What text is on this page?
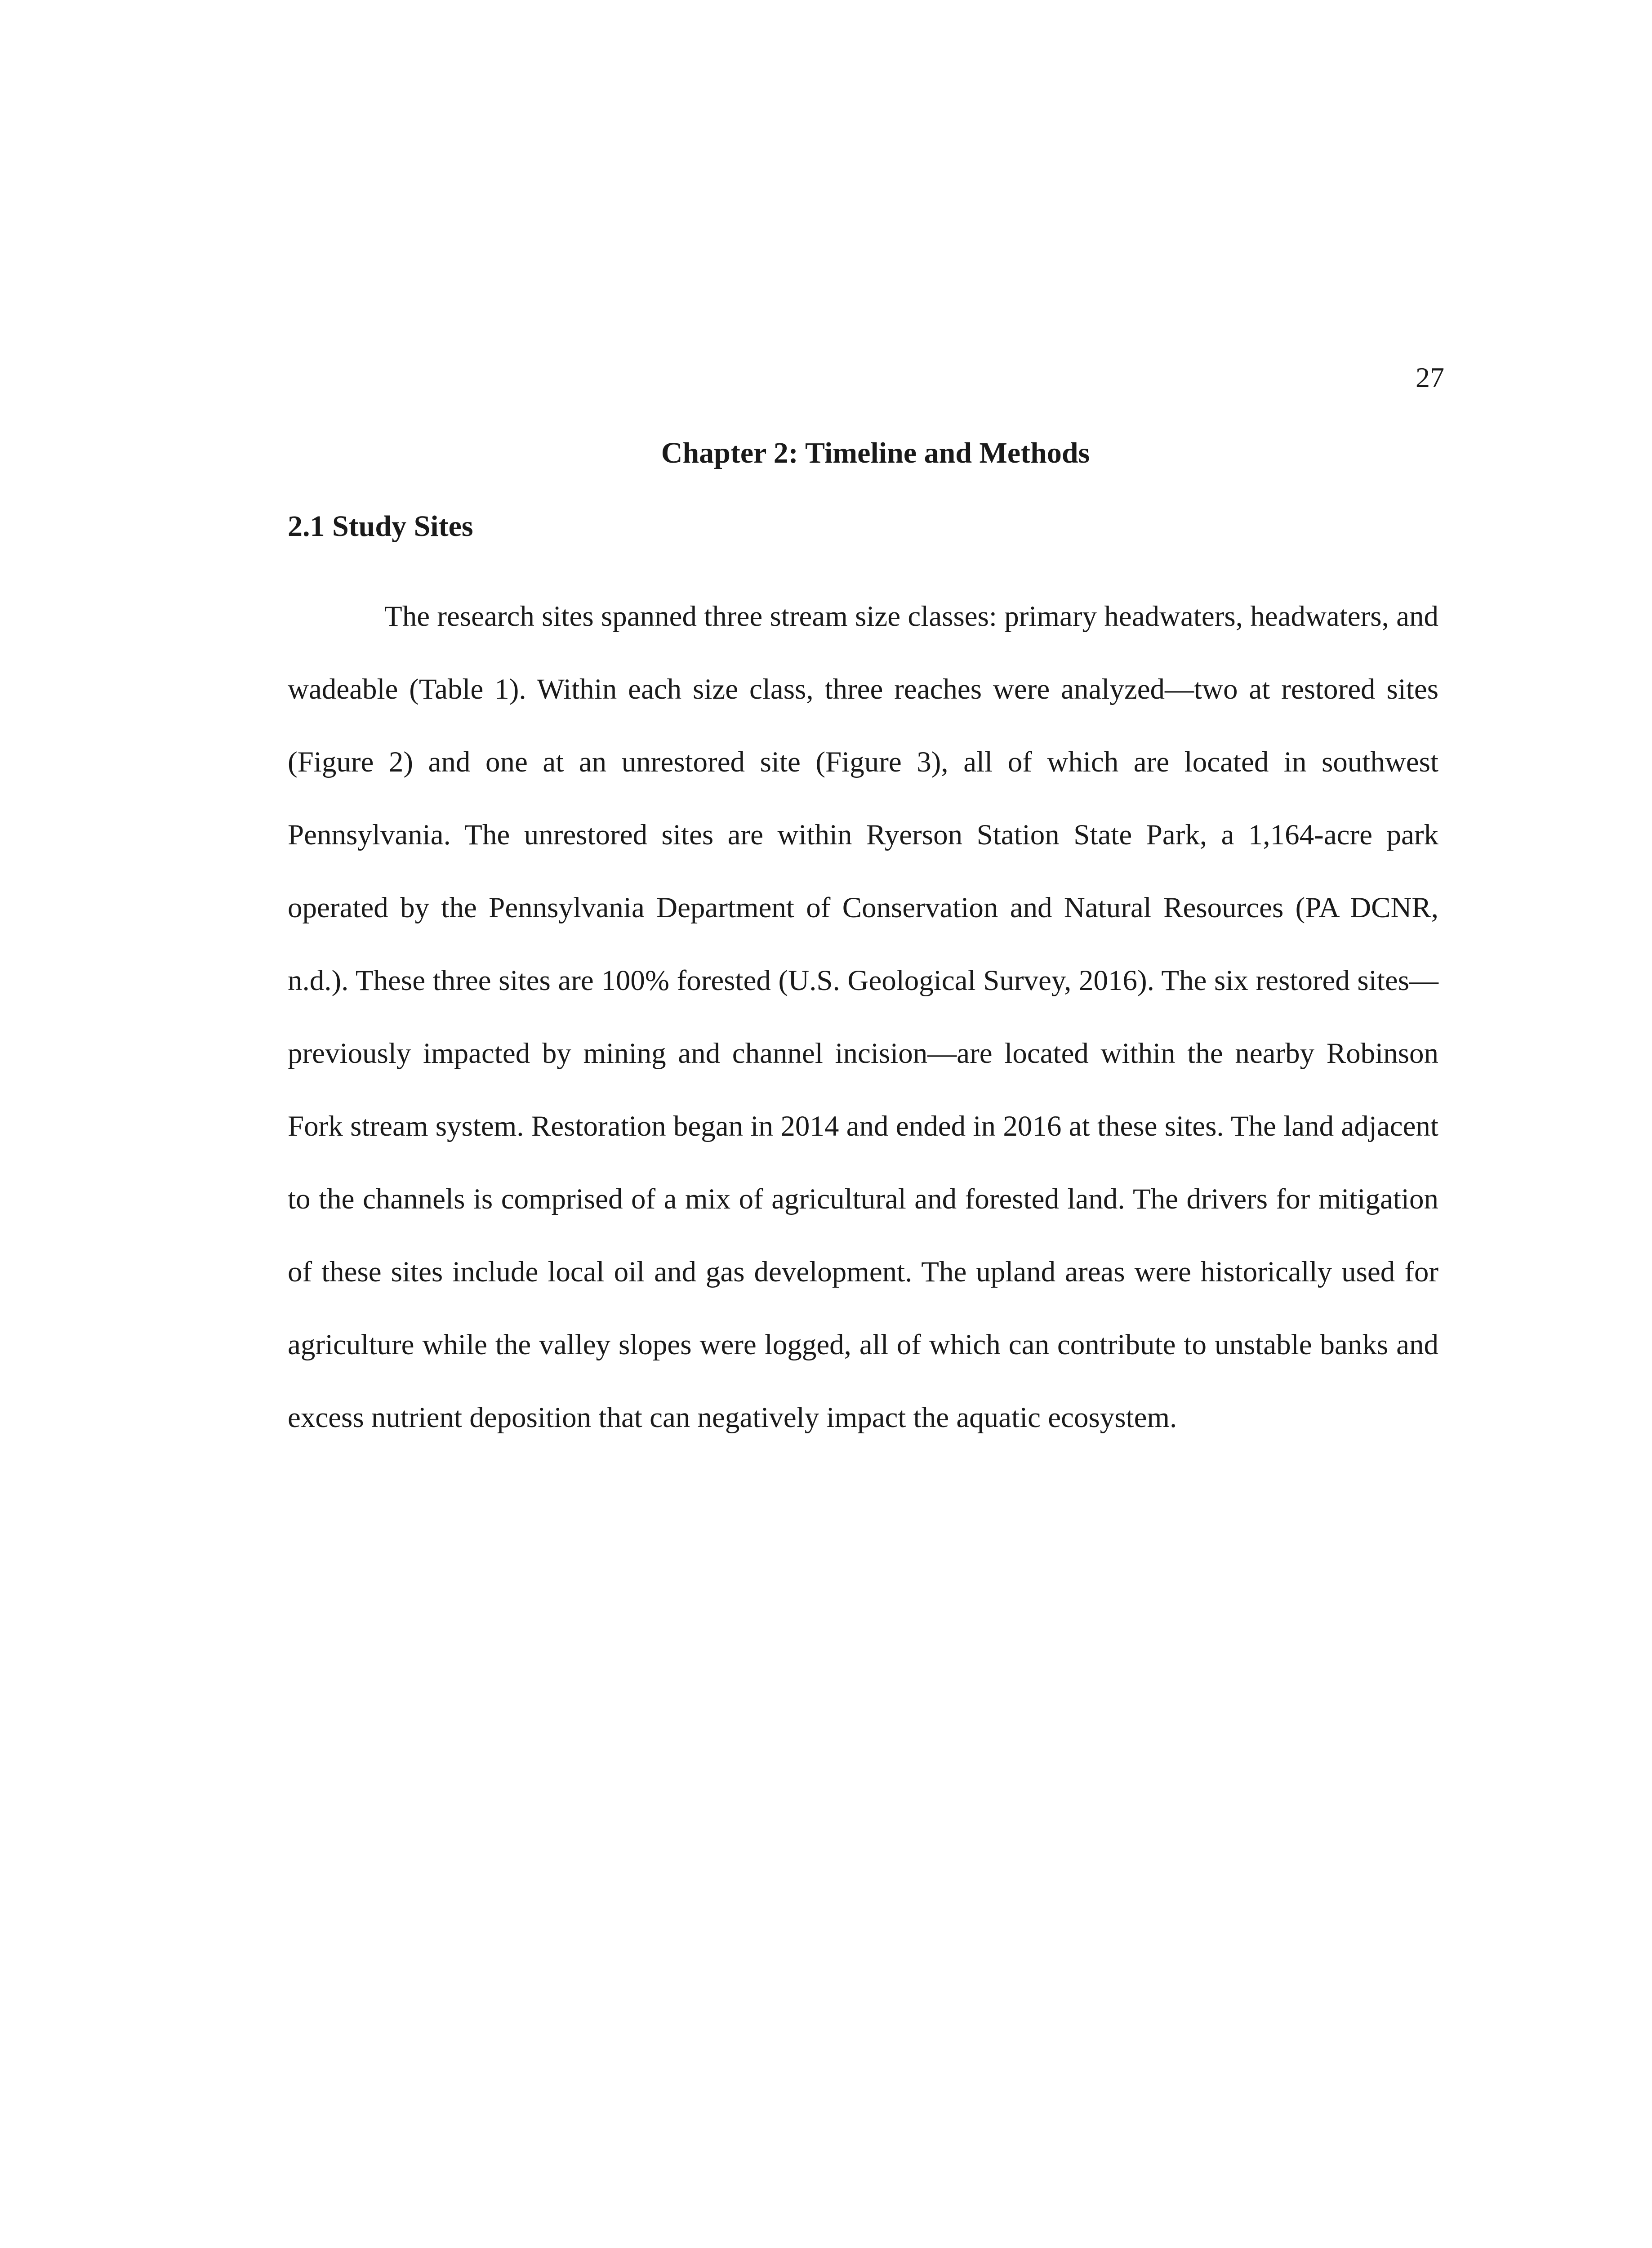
27
Chapter 2: Timeline and Methods
2.1 Study Sites

The research sites spanned three stream size classes: primary headwaters, headwaters, and wadeable (Table 1). Within each size class, three reaches were analyzed—two at restored sites (Figure 2) and one at an unrestored site (Figure 3), all of which are located in southwest Pennsylvania. The unrestored sites are within Ryerson Station State Park, a 1,164-acre park operated by the Pennsylvania Department of Conservation and Natural Resources (PA DCNR, n.d.). These three sites are 100% forested (U.S. Geological Survey, 2016). The six restored sites—previously impacted by mining and channel incision—are located within the nearby Robinson Fork stream system. Restoration began in 2014 and ended in 2016 at these sites. The land adjacent to the channels is comprised of a mix of agricultural and forested land. The drivers for mitigation of these sites include local oil and gas development. The upland areas were historically used for agriculture while the valley slopes were logged, all of which can contribute to unstable banks and excess nutrient deposition that can negatively impact the aquatic ecosystem.
